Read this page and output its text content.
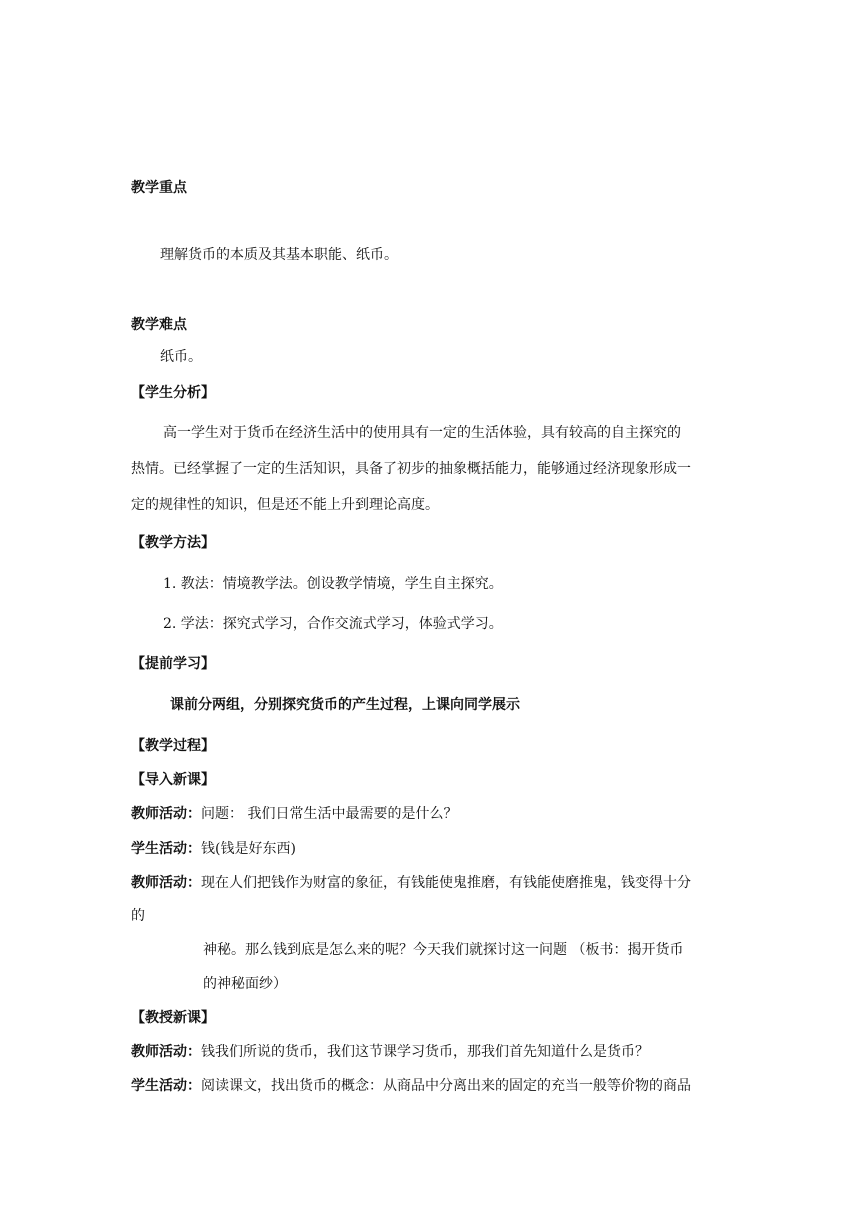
教学重点
理解货币的本质及其基本职能、纸币。
教学难点
纸币。
【学生分析】
高一学生对于货币在经济生活中的使用具有一定的生活体验，具有较高的自主探究的
热情。已经掌握了一定的生活知识，具备了初步的抽象概括能力，能够通过经济现象形成一
定的规律性的知识，但是还不能上升到理论高度。
【教学方法】
1. 教法：情境教学法。创设教学情境，学生自主探究。
2. 学法：探究式学习，合作交流式学习，体验式学习。
【提前学习】
课前分两组，分别探究货币的产生过程，上课向同学展示
【教学过程】
【导入新课】
教师活动：问题： 我们日常生活中最需要的是什么？
学生活动：钱(钱是好东西)
教师活动：现在人们把钱作为财富的象征，有钱能使鬼推磨，有钱能使磨推鬼，钱变得十分
的
神秘。那么钱到底是怎么来的呢？今天我们就探讨这一问题 （板书：揭开货币
的神秘面纱）
【教授新课】
教师活动：钱我们所说的货币，我们这节课学习货币，那我们首先知道什么是货币？
学生活动：阅读课文，找出货币的概念：从商品中分离出来的固定的充当一般等价物的商品
